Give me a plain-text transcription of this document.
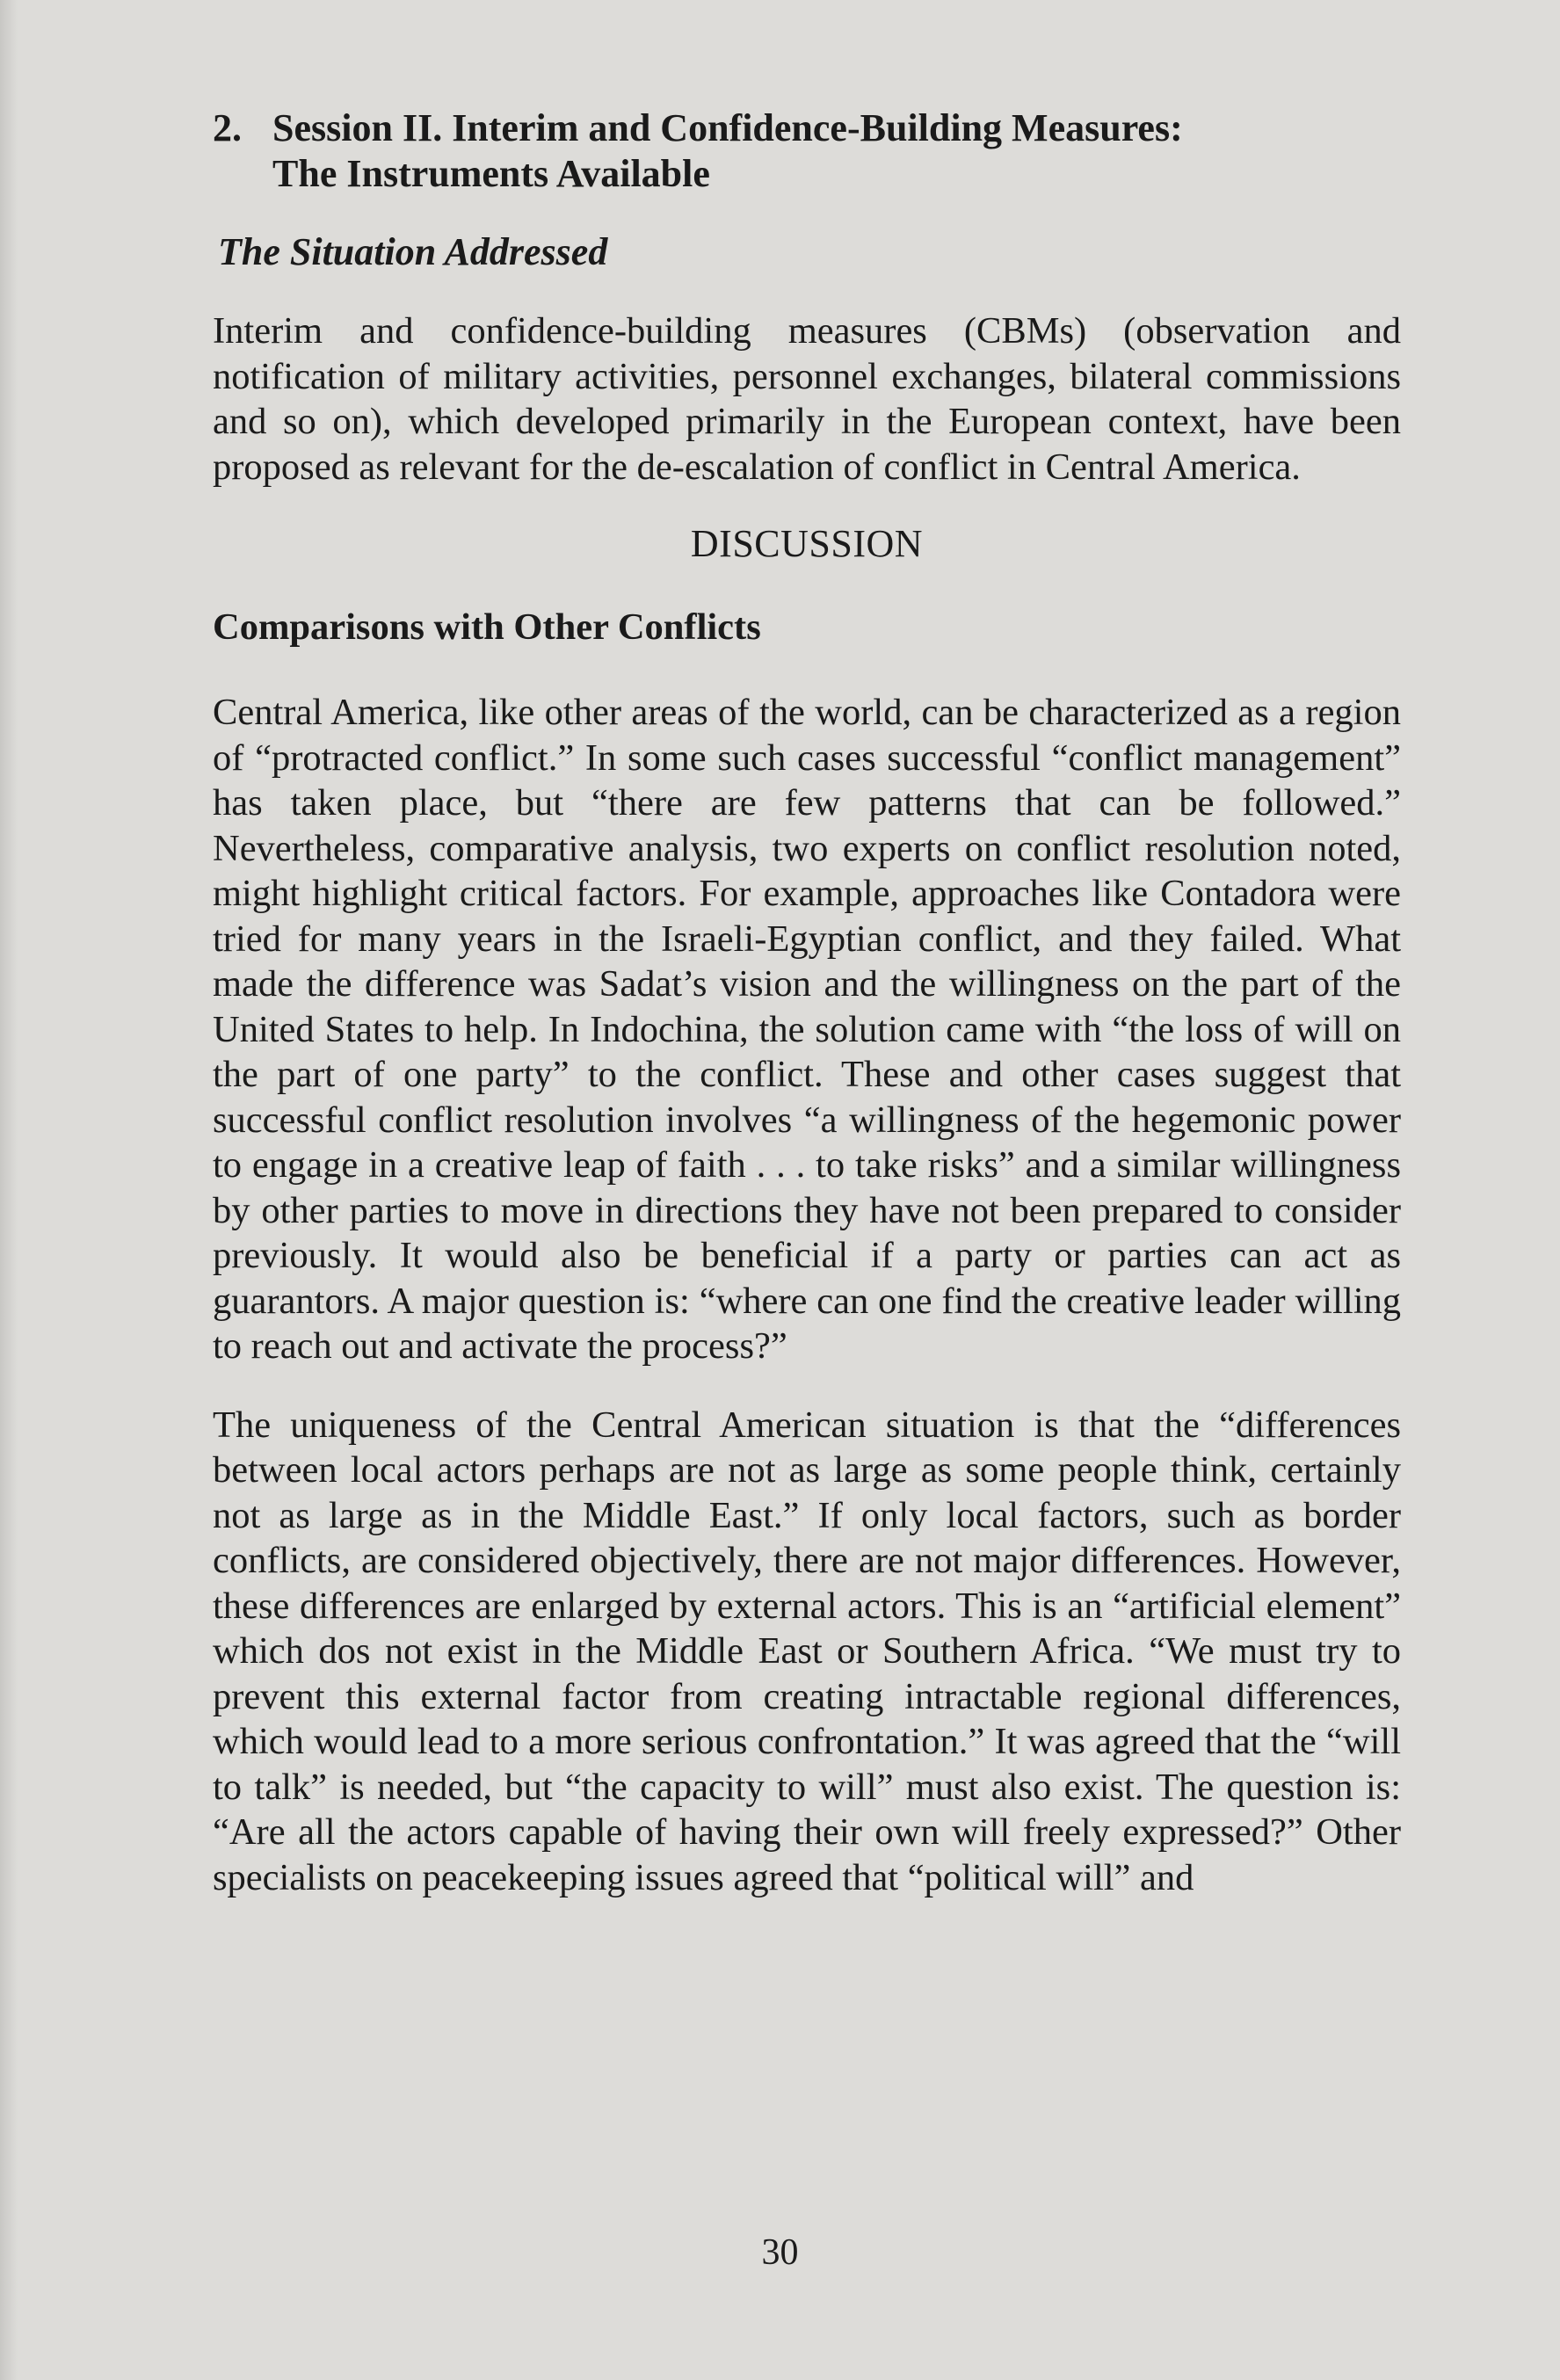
2. Session II. Interim and Confidence-Building Measures:
The Instruments Available
The Situation Addressed

Interim and confidence-building measures (CBMs) (observation and notification of military activities, personnel exchanges, bilateral commissions and so on), which developed primarily in the European context, have been proposed as relevant for the de-escalation of conflict in Central America.

DISCUSSION
Comparisons with Other Conflicts

Central America, like other areas of the world, can be characterized as a region of “protracted conflict.” In some such cases successful “conflict management” has taken place, but “there are few patterns that can be followed.” Nevertheless, comparative analysis, two experts on conflict resolution noted, might highlight critical factors. For example, approaches like Contadora were tried for many years in the Israeli-Egyptian conflict, and they failed. What made the difference was Sadat’s vision and the willingness on the part of the United States to help. In Indochina, the solution came with “the loss of will on the part of one party” to the conflict. These and other cases suggest that successful conflict resolution involves “a willingness of the hegemonic power to engage in a creative leap of faith . . . to take risks” and a similar willingness by other parties to move in directions they have not been prepared to consider previously. It would also be beneficial if a party or parties can act as guarantors. A major question is: “where can one find the creative leader willing to reach out and activate the process?”

The uniqueness of the Central American situation is that the “differences between local actors perhaps are not as large as some people think, certainly not as large as in the Middle East.” If only local factors, such as border conflicts, are considered objectively, there are not major differences. However, these differences are enlarged by external actors. This is an “artificial element” which dos not exist in the Middle East or Southern Africa. “We must try to prevent this external factor from creating intractable regional differences, which would lead to a more serious confrontation.” It was agreed that the “will to talk” is needed, but “the capacity to will” must also exist. The question is: “Are all the actors capable of having their own will freely expressed?” Other specialists on peacekeeping issues agreed that “political will” and

30
